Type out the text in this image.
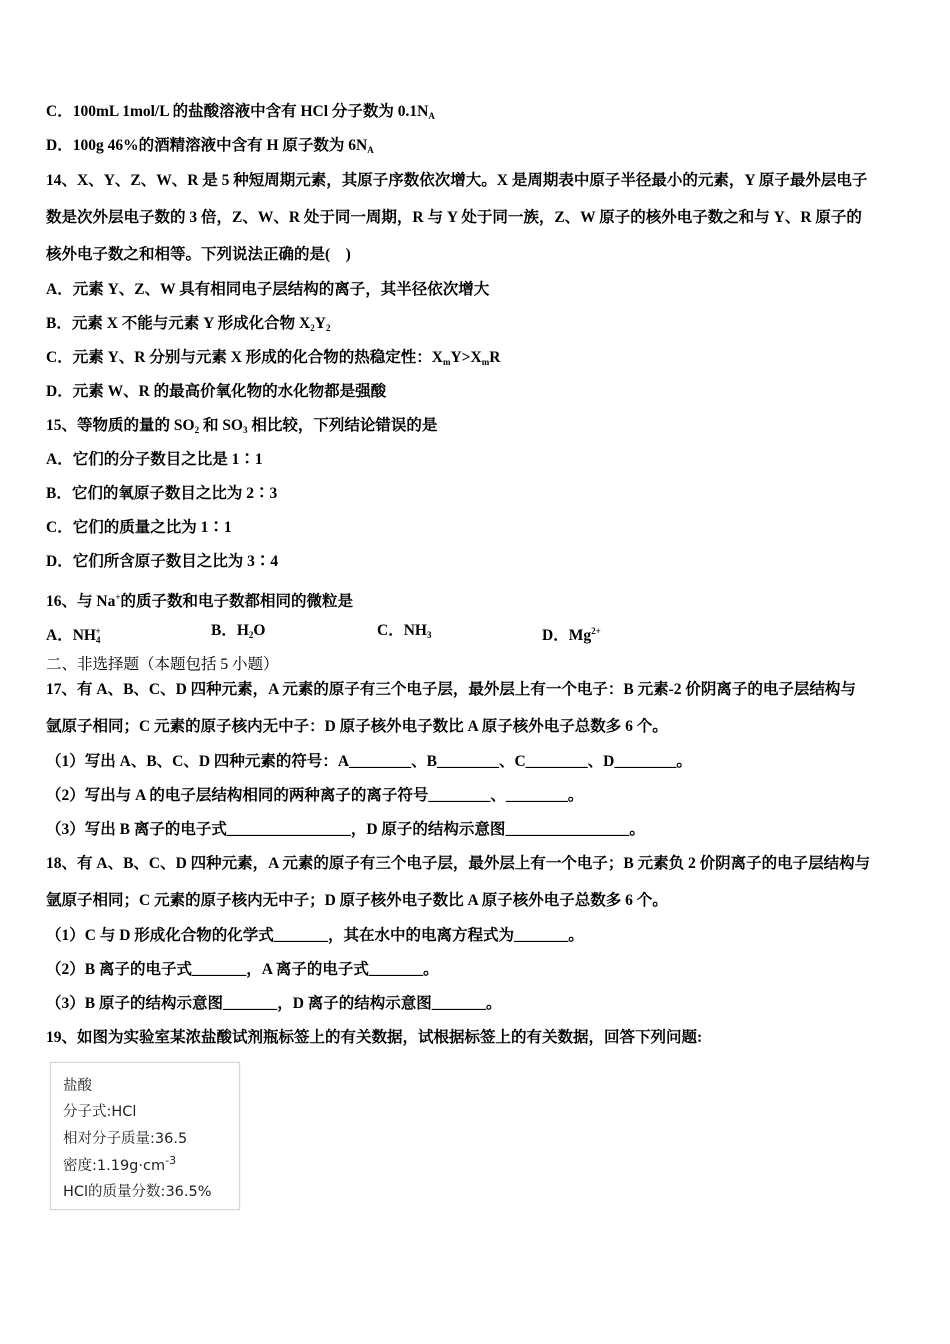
C．100mL 1mol/L 的盐酸溶液中含有 HCl 分子数为 $0.1N_A$
D．100g 46%的酒精溶液中含有 H 原子数为 $6N_A$
14、X、Y、Z、W、R 是 5 种短周期元素，其原子序数依次增大。X 是周期表中原子半径最小的元素，Y 原子最外层电子
数是次外层电子数的 3 倍，Z、W、R 处于同一周期，R 与 Y 处于同一族，Z、W 原子的核外电子数之和与 Y、R 原子的
核外电子数之和相等。下列说法正确的是(　)
A．元素 Y、Z、W 具有相同电子层结构的离子，其半径依次增大
B．元素 X 不能与元素 Y 形成化合物 $X_2Y_2$
C．元素 Y、R 分别与元素 X 形成的化合物的热稳定性：$X_mY>X_mR$
D．元素 W、R 的最高价氧化物的水化物都是强酸
15、等物质的量的 $SO_2$ 和 $SO_3$ 相比较，下列结论错误的是
A．它们的分子数目之比是 1∶1
B．它们的氧原子数目之比为 2∶3
C．它们的质量之比为 1∶1
D．它们所含原子数目之比为 3∶4
16、与 Na+的质子数和电子数都相同的微粒是
A．$NH_4^+$	B．$H_2O$	C．$NH_3$	D．$Mg^{2+}$
二、非选择题（本题包括 5 小题）
17、有 A、B、C、D 四种元素，A 元素的原子有三个电子层，最外层上有一个电子：B 元素-2 价阴离子的电子层结构与
氩原子相同；C 元素的原子核内无中子：D 原子核外电子数比 A 原子核外电子总数多 6 个。
（1）写出 A、B、C、D 四种元素的符号：A________、B________、C________、D________。
（2）写出与 A 的电子层结构相同的两种离子的离子符号________、________。
（3）写出 B 离子的电子式________________，D 原子的结构示意图________________。
18、有 A、B、C、D 四种元素，A 元素的原子有三个电子层，最外层上有一个电子；B 元素负 2 价阴离子的电子层结构与
氩原子相同；C 元素的原子核内无中子；D 原子核外电子数比 A 原子核外电子总数多 6 个。
（1）C 与 D 形成化合物的化学式_______，其在水中的电离方程式为_______。
（2）B 离子的电子式_______，A 离子的电子式_______。
（3）B 原子的结构示意图_______，D 离子的结构示意图_______。
19、如图为实验室某浓盐酸试剂瓶标签上的有关数据，试根据标签上的有关数据，回答下列问题:
盐酸
分子式:HCl
相对分子质量:36.5
密度$:1.19g\cdot cm^{-3}$
HCl的质量分数:36.5%
